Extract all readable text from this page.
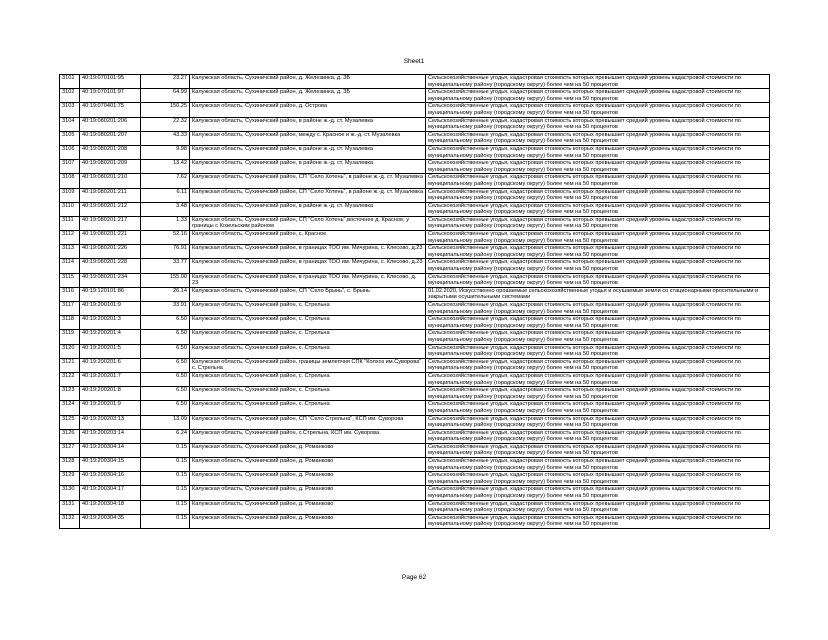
Sheet1
3101	40:19:070101:95	23.27	Калужская область, Сухиничский район, д. Железинка, д. 3Б	Сельскохозяйственные угодья, кадастровая стоимость которых превышает средний уровень кадастровой стоимости по муниципальному району (городскому округу) более чем на 50 процентов
3102	40:19:070101:97	64.99	Калужская область, Сухиничский район, д. Железинка, д. 3Б	Сельскохозяйственные угодья, кадастровая стоимость которых превышает средний уровень кадастровой стоимости по муниципальному району (городскому округу) более чем на 50 процентов
3103	40:19:070401:75	150.25	Калужская область, Сухиничский район, д. Острова	Сельскохозяйственные угодья, кадастровая стоимость которых превышает средний уровень кадастровой стоимости по муниципальному району (городскому округу) более чем на 50 процентов
3104	40:19:080201:206	22.32	Калужская область, Сухиничский район, в районе ж.-д. ст. Музалевка	Сельскохозяйственные угодья, кадастровая стоимость которых превышает средний уровень кадастровой стоимости по муниципальному району (городскому округу) более чем на 50 процентов
3105	40:19:080201:207	43.33	Калужская область, Сухиничский район, между с. Красное и ж.-д. ст. Музалевка	Сельскохозяйственные угодья, кадастровая стоимость которых превышает средний уровень кадастровой стоимости по муниципальному району (городскому округу) более чем на 50 процентов
3106	40:19:080201:208	9.98	Калужская область, Сухиничский район, в районе ж.-д. ст. Музалевка	Сельскохозяйственные угодья, кадастровая стоимость которых превышает средний уровень кадастровой стоимости по муниципальному району (городскому округу) более чем на 50 процентов
3107	40:19:080201:209	13.42	Калужская область, Сухиничский район, в районе ж.-д. ст. Музалевка	Сельскохозяйственные угодья, кадастровая стоимость которых превышает средний уровень кадастровой стоимости по муниципальному району (городскому округу) более чем на 50 процентов
3108	40:19:080201:210	7.62	Калужская область, Сухиничский район, СП "Село Хотень", в районе ж.-д. ст. Музалевка	Сельскохозяйственные угодья, кадастровая стоимость которых превышает средний уровень кадастровой стоимости по муниципальному району (городскому округу) более чем на 50 процентов
3109	40:19:080201:211	6.11	Калужская область, Сухиничский район, СП "Село Хотень", в районе ж.-д. ст. Музалевка	Сельскохозяйственные угодья, кадастровая стоимость которых превышает средний уровень кадастровой стоимости по муниципальному району (городскому округу) более чем на 50 процентов
3110	40:19:080201:212	3.48	Калужская область, Сухиничский район, в районе ж.-д. ст. Музалевка	Сельскохозяйственные угодья, кадастровая стоимость которых превышает средний уровень кадастровой стоимости по муниципальному району (городскому округу) более чем на 50 процентов
3111	40:19:080201:217	1.33	Калужская область, Сухиничский район, СП "Село Хотень",восточнее д. Красное, у границы с Козельским районом	Сельскохозяйственные угодья, кадастровая стоимость которых превышает средний уровень кадастровой стоимости по муниципальному району (городскому округу) более чем на 50 процентов
3112	40:19:080201:221	52.16	Калужская область, Сухиничский район, с. Красное	Сельскохозяйственные угодья, кадастровая стоимость которых превышает средний уровень кадастровой стоимости по муниципальному району (городскому округу) более чем на 50 процентов
3113	40:19:080201:226	76.91	Калужская область, Сухиничский район, в границах ТОО им. Мичурина, с. Клесово, д.23	Сельскохозяйственные угодья, кадастровая стоимость которых превышает средний уровень кадастровой стоимости по муниципальному району (городскому округу) более чем на 50 процентов
3114	40:19:080201:228	33.77	Калужская область, Сухиничский район, в границах ТОО им. Мичурина, с. Клесово, д.23	Сельскохозяйственные угодья, кадастровая стоимость которых превышает средний уровень кадастровой стоимости по муниципальному району (городскому округу) более чем на 50 процентов
3115	40:19:080201:234	155.00	Калужская область, Сухиничский район, в границах ТОО им. Мичурина, с. Клесово, д. 23	Сельскохозяйственные угодья, кадастровая стоимость которых превышает средний уровень кадастровой стоимости по муниципальному району (городскому округу) более чем на 50 процентов
3116	40:19:120101:86	26.14	Калужская область, Сухиничский район, СП "Село Брынь", с. Брынь	01.02.2020, Искусственно орошаемые сельскохозяйственные угодья и осушаемые земли со стационарными оросительными и закрытыми осушительными системами
3117	40:19:200101:9	33.91	Калужская область, Сухиничский район, с. Стрельна	Сельскохозяйственные угодья, кадастровая стоимость которых превышает средний уровень кадастровой стоимости по муниципальному району (городскому округу) более чем на 50 процентов
3118	40:19:200201:3	6.50	Калужская область, Сухиничский район, с. Стрельна	Сельскохозяйственные угодья, кадастровая стоимость которых превышает средний уровень кадастровой стоимости по муниципальному району (городскому округу) более чем на 50 процентов
3119	40:19:200201:4	6.50	Калужская область, Сухиничский район, с. Стрельна	Сельскохозяйственные угодья, кадастровая стоимость которых превышает средний уровень кадастровой стоимости по муниципальному району (городскому округу) более чем на 50 процентов
3120	40:19:200201:5	6.50	Калужская область, Сухиничский район, с. Стрельна	Сельскохозяйственные угодья, кадастровая стоимость которых превышает средний уровень кадастровой стоимости по муниципальному району (городскому округу) более чем на 50 процентов
3121	40:19:200201:6	6.50	Калужская область, Сухиничский район, границы землепчня СПК "Колхоз им.Суворова", с. Стрельна	Сельскохозяйственные угодья, кадастровая стоимость которых превышает средний уровень кадастровой стоимости по муниципальному району (городскому округу) более чем на 50 процентов
3122	40:19:200201:7	6.50	Калужская область, Сухиничский район, с. Стрельна	Сельскохозяйственные угодья, кадастровая стоимость которых превышает средний уровень кадастровой стоимости по муниципальному району (городскому округу) более чем на 50 процентов
3123	40:19:200201:8	6.50	Калужская область, Сухиничский район, с. Стрельна	Сельскохозяйственные угодья, кадастровая стоимость которых превышает средний уровень кадастровой стоимости по муниципальному району (городскому округу) более чем на 50 процентов
3124	40:19:200201:9	6.50	Калужская область, Сухиничский район, с. Стрельна	Сельскохозяйственные угодья, кадастровая стоимость которых превышает средний уровень кадастровой стоимости по муниципальному району (городскому округу) более чем на 50 процентов
3125	40:19:200203:13	13.09	Калужская область, Сухиничский район, СП "Село Стрельна", КСП им. Суворова	Сельскохозяйственные угодья, кадастровая стоимость которых превышает средний уровень кадастровой стоимости по муниципальному району (городскому округу) более чем на 50 процентов
3126	40:19:200203:14	6.24	Калужская область, Сухиничский район, с.Стрельна, КСП им. Суворова.	Сельскохозяйственные угодья, кадастровая стоимость которых превышает средний уровень кадастровой стоимости по муниципальному району (городскому округу) более чем на 50 процентов
3127	40:19:200304:14	0.15	Калужская область, Сухиничский район, д. Романково	Сельскохозяйственные угодья, кадастровая стоимость которых превышает средний уровень кадастровой стоимости по муниципальному району (городскому округу) более чем на 50 процентов
3128	40:19:200304:15	0.15	Калужская область, Сухиничский район, д. Романково	Сельскохозяйственные угодья, кадастровая стоимость которых превышает средний уровень кадастровой стоимости по муниципальному району (городскому округу) более чем на 50 процентов
3129	40:19:200304:16	0.15	Калужская область, Сухиничский район, д. Романково	Сельскохозяйственные угодья, кадастровая стоимость которых превышает средний уровень кадастровой стоимости по муниципальному району (городскому округу) более чем на 50 процентов
3130	40:19:200304:17	0.15	Калужская область, Сухиничский район, д. Романково	Сельскохозяйственные угодья, кадастровая стоимость которых превышает средний уровень кадастровой стоимости по муниципальному району (городскому округу) более чем на 50 процентов
3131	40:19:200304:18	0.15	Калужская область, Сухиничский район, д. Романково	Сельскохозяйственные угодья, кадастровая стоимость которых превышает средний уровень кадастровой стоимости по муниципальному району (городскому округу) более чем на 50 процентов
3132	40:19:200304:35	0.15	Калужская область, Сухиничский район, д. Романково	Сельскохозяйственные угодья, кадастровая стоимость которых превышает средний уровень кадастровой стоимости по муниципальному району (городскому округу) более чем на 50 процентов
Page 62
